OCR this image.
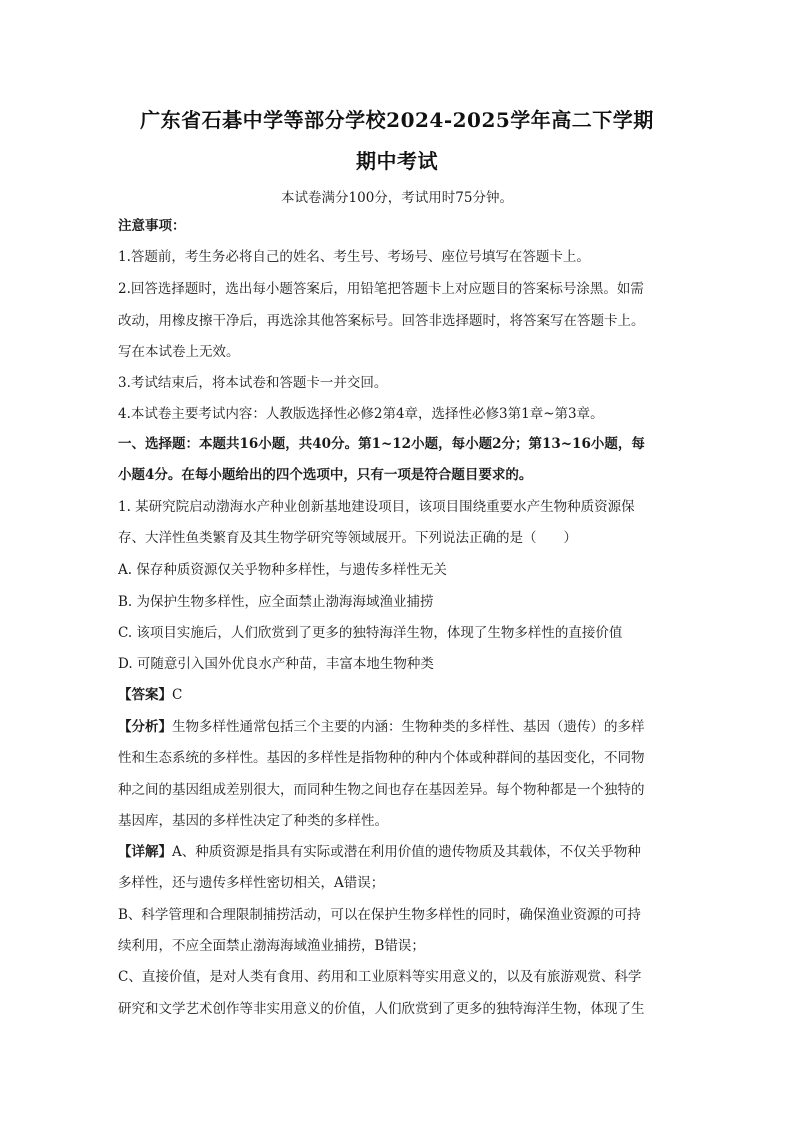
广东省石碁中学等部分学校2024-2025学年高二下学期
期中考试
本试卷满分100分，考试用时75分钟。
注意事项：
1.答题前，考生务必将自己的姓名、考生号、考场号、座位号填写在答题卡上。
2.回答选择题时，选出每小题答案后，用铅笔把答题卡上对应题目的答案标号涂黑。如需
改动，用橡皮擦干净后，再选涂其他答案标号。回答非选择题时，将答案写在答题卡上。
写在本试卷上无效。
3.考试结束后，将本试卷和答题卡一并交回。
4.本试卷主要考试内容：人教版选择性必修2第4章，选择性必修3第1章~第3章。
一、选择题：本题共16小题，共40分。第1~12小题，每小题2分；第13~16小题，每
小题4分。在每小题给出的四个选项中，只有一项是符合题目要求的。
1. 某研究院启动渤海水产种业创新基地建设项目，该项目围绕重要水产生物种质资源保
存、大洋性鱼类繁育及其生物学研究等领域展开。下列说法正确的是（　　）
A. 保存种质资源仅关乎物种多样性，与遗传多样性无关
B. 为保护生物多样性，应全面禁止渤海海域渔业捕捞
C. 该项目实施后，人们欣赏到了更多的独特海洋生物，体现了生物多样性的直接价值
D. 可随意引入国外优良水产种苗，丰富本地生物种类
【答案】C
【分析】生物多样性通常包括三个主要的内涵：生物种类的多样性、基因（遗传）的多样
性和生态系统的多样性。基因的多样性是指物种的种内个体或种群间的基因变化，不同物
种之间的基因组成差别很大，而同种生物之间也存在基因差异。每个物种都是一个独特的
基因库，基因的多样性决定了种类的多样性。
【详解】A、种质资源是指具有实际或潜在利用价值的遗传物质及其载体，不仅关乎物种
多样性，还与遗传多样性密切相关，A错误；
B、科学管理和合理限制捕捞活动，可以在保护生物多样性的同时，确保渔业资源的可持
续利用，不应全面禁止渤海海域渔业捕捞，B错误；
C、直接价值，是对人类有食用、药用和工业原料等实用意义的，以及有旅游观赏、科学
研究和文学艺术创作等非实用意义的价值，人们欣赏到了更多的独特海洋生物，体现了生
